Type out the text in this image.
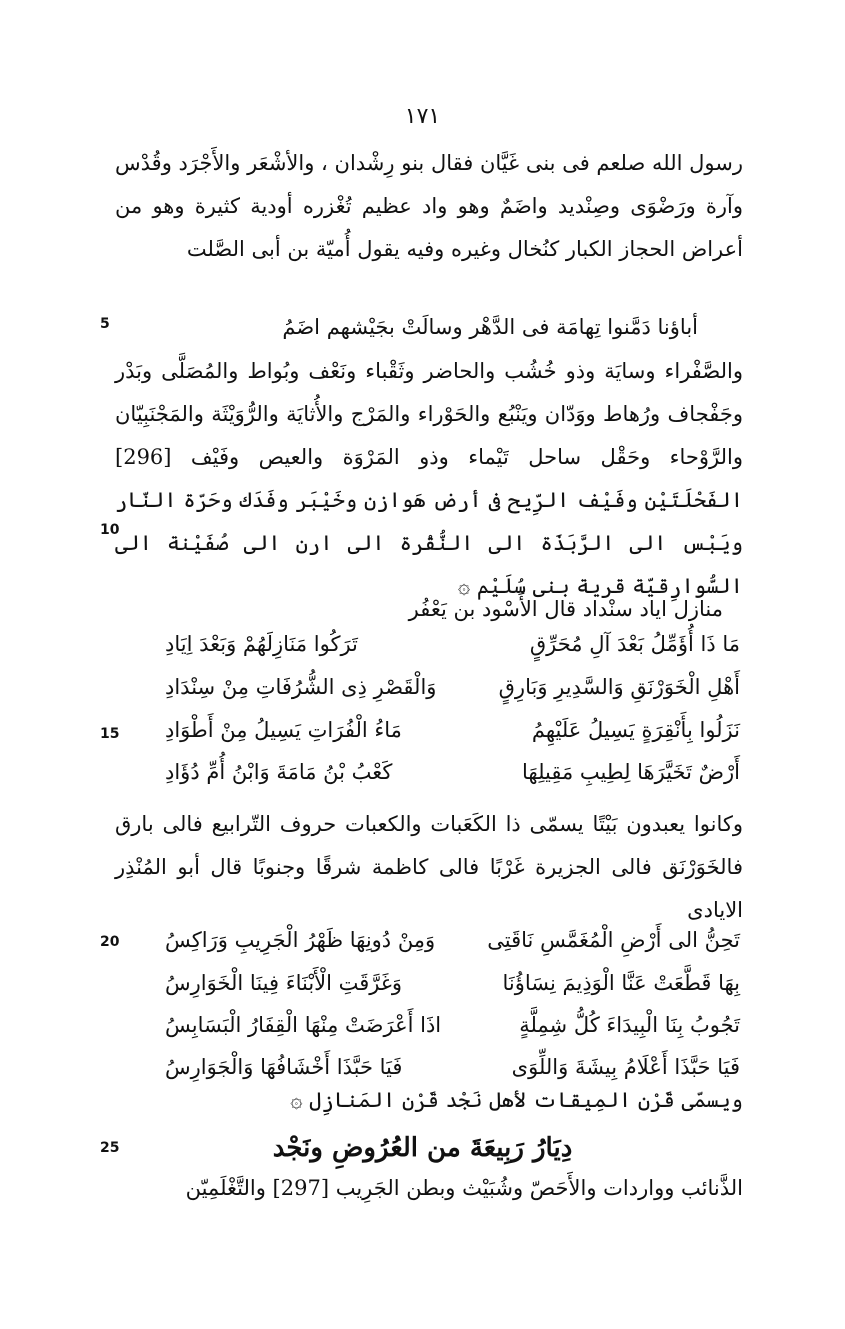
١٧١
رسول الله صلعم فى بنى غَيَّان فقال بنو رِشْدان ، والأشْعَر والأَجْرَد وقُدْس وآرة ورَضْوَى وصِنْديد واضَمٌ وهو واد عظيم تُغْزره أودية كثيرة وهو من أعراض الحجاز الكبار كنُخال وغيره وفيه يقول أُميّة بن أبى الصَّلت
أباؤنا دَمَّنوا تِهامَة فى الدَّهْر وسالَتْ بجَيْشهم اضَمُ
والصَّفْراء وسايَة وذو خُشُب والحاضر وثَقْباء ونَعْف وبُواط والمُصَلَّى وبَدْر وجَفْجاف ورُهاط ووَدّان ويَنْبُع والحَوْراء والمَرْج والأُثايَة والرُّوَيْثَة والمَجْنَبِيّان والرَّوْحاء وحَقْل ساحل تَيْماء وذو المَرْوَة والعيص وفَيْف [296] الفَحْلَتَيْن وفَيْف الرِّيح فى أرض هَوازن وخَيْبَر وفَدَك وحَرّة النّار ويَبْس الى الرَّبَذَة الى النُّقْرة الى ارن الى صُفَيْنة الى السُّوارِقيّة قرية بنى سُلَيْم ۞
منازل اياد سنْداد قال الأَسْود بن يَعْفُر
مَا ذَا أُؤَمِّلُ بَعْدَ آلِ مُحَرِّقٍ
تَرَكُوا مَنَازِلَهُمْ وَبَعْدَ اِيَادِ
أَهْلِ الْخَوَرْنَقِ وَالسَّدِيرِ وَبَارِقٍ
وَالْقَصْرِ ذِى الشُّرُفَاتِ مِنْ سِنْدَادِ
نَزَلُوا بِأَنْقِرَةٍ يَسِيلُ عَلَيْهِمُ
مَاءُ الْفُرَاتِ يَسِيلُ مِنْ أَطْوَادِ
أَرْضٌ تَخَيَّرَهَا لِطِيبِ مَقِيلِهَا
كَعْبُ بْنُ مَامَةَ وَابْنُ أُمِّ دُؤَادِ
وكانوا يعبدون بَيْتًا يسمّى ذا الكَعَبات والكعبات حروف التّرابيع فالى بارق فالخَوَرْنَق فالى الجزيرة غَرْبًا فالى كاظمة شرقًا وجنوبًا قال أبو المُنْذِر الايادى
تَحِنُّ الى أَرْضِ الْمُغَمَّسِ نَاقَتِى
وَمِنْ دُونِهَا ظَهْرُ الْجَرِيبِ وَرَاكِسُ
بِهَا قَطَّعَتْ عَنَّا الْوَذِيمَ نِسَاؤُنَا
وَغَرَّقَتِ الْأَبْنَاءَ فِينَا الْخَوَارِسُ
تَجُوبُ بِنَا الْبِيدَاءَ كُلُّ شِمِلَّةٍ
اذَا أَعْرَضَتْ مِنْهَا الْقِفَارُ الْبَسَابِسُ
فَيَا حَبَّذَا أَعْلَامُ بِيشَةَ وَاللِّوَى
فَيَا حَبَّذَا أَخْشَافُهَا وَالْجَوَارِسُ
ويسمّى قَرْن المِيقات لأهل نَجْد قَرْن المَنازِل ۞
دِيَارُ رَبِيعَةَ من العُرُوضِ ونَجْد
الذَّنائب وواردات والأَحَصّ وشُبَيْث وبطن الجَرِيب [297] والتَّغْلَمِيّن
5
10
15
20
25
